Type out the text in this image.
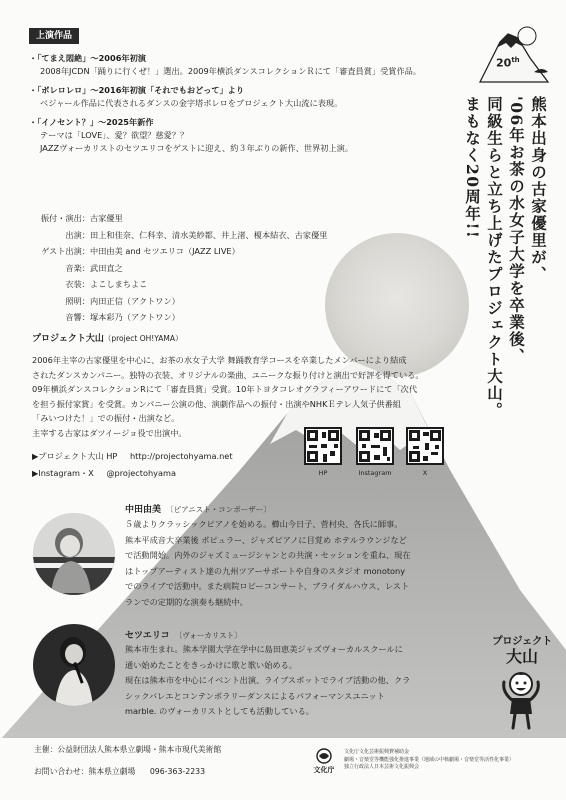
上演作品
・「てまえ悶絶」～2006年初演
2008年JCDN「踊りに行くぜ！」選出。2009年横浜ダンスコレクションＲにて「審査員賞」受賞作品。
・「ボレロレロ」～2016年初演「それでもおどって」より
ベジャール作品に代表されるダンスの金字塔ボレロをプロジェクト大山流に表現。
・「イノセント？」～2025年新作
テーマは「LOVE」、愛？欲望？慈愛？？
JAZZヴォーカリストのセツエリコをゲストに迎え、約３年ぶりの新作、世界初上演。
振付・演出：古家優里
出演：田上和佳奈、仁科幸、清水美紗都、井上渚、榎本結衣、古家優里
ゲスト出演：中田由美 and セツエリコ（JAZZ LIVE）
音楽：武田直之
衣装：よこしまちよこ
照明：内田正信（アクトワン）
音響：塚本彩乃（アクトワン）
20th
熊本出身の古家優里が、
'06年お茶の水女子大学を卒業後、
同級生らと立ち上げたプロジェクト大山。
まもなく20周年!!
プロジェクト大山（project OH!YAMA）
2006年主宰の古家優里を中心に、お茶の水女子大学 舞踊教育学コースを卒業したメンバーにより結成
されたダンスカンパニー。独特の衣装、オリジナルの楽曲、ユニークな振り付けと演出で好評を得ている。
09年横浜ダンスコレクションRにて「審査員賞」受賞。10年トヨタコレオグラフィーアワードにて「次代
を担う振付家賞」を受賞。カンパニー公演の他、演劇作品への振付・出演やNHKＥテレ人気子供番組
「みいつけた！」での振付・出演など。
主宰する古家はダツイージョ役で出演中。
▶プロジェクト大山 HP http://projectohyama.net
▶Instagram・X @projectohyama	HP	Instagram	X
中田由美 〔ピアニスト・コンポーザー〕
５歳よりクラッシックピアノを始める。櫛山今日子、菅村央、各氏に師事。
熊本平成音大卒業後 ポピュラー、ジャズピアノに目覚め ホテルラウンジなど
で活動開始。内外のジャズミュージシャンとの共演・セッションを重ね、現在
はトップアーティスト達の九州ツアーサポートや自身のスタジオ monotony
でのライブで活動中。また病院ロビーコンサート、ブライダルハウス、レスト
ランでの定期的な演奏も継続中。
セツエリコ 〔ヴォーカリスト〕
熊本市生まれ。熊本学園大学在学中に島田恵美ジャズヴォーカルスクールに
通い始めたことをきっかけに歌と歌い始める。
現在は熊本市を中心にイベント出演、ライブスポットでライブ活動の他、クラ
シックバレエとコンテンポラリーダンスによるパフォーマンスユニット
marble. のヴォーカリストとしても活動している。
プロジェクト
大山
主催：公益財団法人熊本県立劇場・熊本市現代美術館
お問い合わせ：熊本県立劇場 096-363-2233	文化庁
文化庁文化芸術振興費補助金
劇場・音楽堂等機能強化推進事業（地域の中核劇場・音楽堂等活性化事業）
独立行政法人日本芸術文化振興会
